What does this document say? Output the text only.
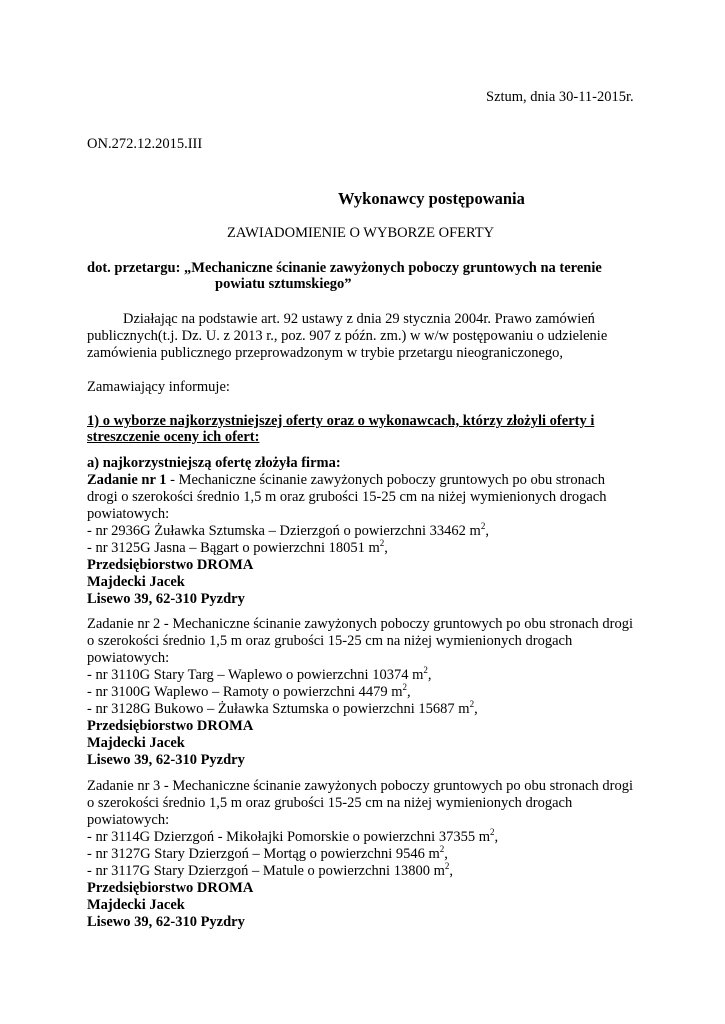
Sztum, dnia 30-11-2015r.
ON.272.12.2015.III
Wykonawcy postępowania
ZAWIADOMIENIE O WYBORZE OFERTY
dot. przetargu: „Mechaniczne ścinanie zawyżonych poboczy gruntowych na terenie
powiatu sztumskiego”
Działając na podstawie art. 92 ustawy z dnia 29 stycznia 2004r. Prawo zamówień
publicznych(t.j. Dz. U. z 2013 r., poz. 907 z późn. zm.) w w/w postępowaniu o udzielenie
zamówienia publicznego przeprowadzonym w trybie przetargu nieograniczonego,
Zamawiający informuje:
1) o wyborze najkorzystniejszej oferty oraz o wykonawcach, którzy złożyli oferty i
streszczenie oceny ich ofert:
a) najkorzystniejszą ofertę złożyła firma:
Zadanie nr 1 - Mechaniczne ścinanie zawyżonych poboczy gruntowych po obu stronach
drogi o szerokości średnio 1,5 m oraz grubości 15-25 cm na niżej wymienionych drogach
powiatowych:
- nr 2936G Żuławka Sztumska – Dzierzgoń o powierzchni 33462 $m^2$,
- nr 3125G Jasna – Bągart o powierzchni 18051 $m^2$,
Przedsiębiorstwo DROMA
Majdecki Jacek
Lisewo 39, 62-310 Pyzdry
Zadanie nr 2 - Mechaniczne ścinanie zawyżonych poboczy gruntowych po obu stronach drogi
o szerokości średnio 1,5 m oraz grubości 15-25 cm na niżej wymienionych drogach
powiatowych:
- nr 3110G Stary Targ – Waplewo o powierzchni 10374 $m^2$,
- nr 3100G Waplewo – Ramoty o powierzchni 4479 $m^2$,
- nr 3128G Bukowo – Żuławka Sztumska o powierzchni 15687 $m^2$,
Przedsiębiorstwo DROMA
Majdecki Jacek
Lisewo 39, 62-310 Pyzdry
Zadanie nr 3 - Mechaniczne ścinanie zawyżonych poboczy gruntowych po obu stronach drogi
o szerokości średnio 1,5 m oraz grubości 15-25 cm na niżej wymienionych drogach
powiatowych:
- nr 3114G Dzierzgoń - Mikołajki Pomorskie o powierzchni 37355 $m^2$,
- nr 3127G Stary Dzierzgoń – Mortąg o powierzchni 9546 $m^2$,
- nr 3117G Stary Dzierzgoń – Matule o powierzchni 13800 $m^2$,
Przedsiębiorstwo DROMA
Majdecki Jacek
Lisewo 39, 62-310 Pyzdry
